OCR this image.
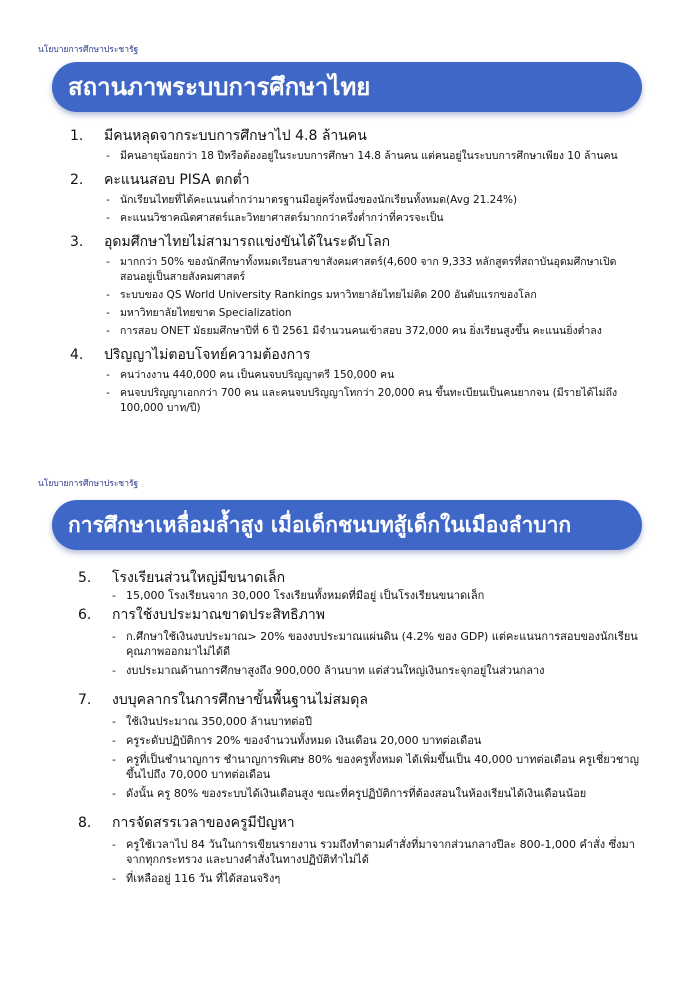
นโยบายการศึกษาประชารัฐ
สถานภาพระบบการศึกษาไทย
1. มีคนหลุดจากระบบการศึกษาไป 4.8 ล้านคน
- มีคนอายุน้อยกว่า 18 ปีหรือต้องอยู่ในระบบการศึกษา 14.8 ล้านคน แต่คนอยู่ในระบบการศึกษาเพียง 10 ล้านคน
2. คะแนนสอบ PISA ตกต่ำ
- นักเรียนไทยที่ได้คะแนนต่ำกว่ามาตรฐานมีอยู่ครึ่งหนึ่งของนักเรียนทั้งหมด(Avg 21.24%)
- คะแนนวิชาคณิตศาสตร์และวิทยาศาสตร์มากกว่าครึ่งต่ำกว่าที่ควรจะเป็น
3. อุดมศึกษาไทยไม่สามารถแข่งขันได้ในระดับโลก
- มากกว่า 50% ของนักศึกษาทั้งหมดเรียนสาขาสังคมศาสตร์(4,600 จาก 9,333 หลักสูตรที่สถาบันอุดมศึกษาเปิดสอนอยู่เป็นสายสังคมศาสตร์
- ระบบของ QS World University Rankings มหาวิทยาลัยไทยไม่ติด 200 อันดับแรกของโลก
- มหาวิทยาลัยไทยขาด Specialization
- การสอบ ONET มัธยมศึกษาปีที่ 6 ปี 2561 มีจำนวนคนเข้าสอบ 372,000 คน ยิ่งเรียนสูงขึ้น คะแนนยิ่งต่ำลง
4. ปริญญาไม่ตอบโจทย์ความต้องการ
- คนว่างงาน 440,000 คน เป็นคนจบปริญญาตรี 150,000 คน
- คนจบปริญญาเอกกว่า 700 คน และคนจบปริญญาโทกว่า 20,000 คน ขึ้นทะเบียนเป็นคนยากจน (มีรายได้ไม่ถึง 100,000 บาท/ปี)
นโยบายการศึกษาประชารัฐ
การศึกษาเหลื่อมล้ำสูง เมื่อเด็กชนบทสู้เด็กในเมืองลำบาก
5. โรงเรียนส่วนใหญ่มีขนาดเล็ก
- 15,000 โรงเรียนจาก 30,000 โรงเรียนทั้งหมดที่มีอยู่ เป็นโรงเรียนขนาดเล็ก
6. การใช้งบประมาณขาดประสิทธิภาพ
- ก.ศึกษาใช้เงินงบประมาณ> 20% ของงบประมาณแผ่นดิน (4.2% ของ GDP) แต่คะแนนการสอบของนักเรียนคุณภาพออกมาไม่ได้ดี
- งบประมาณด้านการศึกษาสูงถึง 900,000 ล้านบาท แต่ส่วนใหญ่เงินกระจุกอยู่ในส่วนกลาง
7. งบบุคลากรในการศึกษาขั้นพื้นฐานไม่สมดุล
- ใช้เงินประมาณ 350,000 ล้านบาทต่อปี
- ครูระดับปฏิบัติการ 20% ของจำนวนทั้งหมด เงินเดือน 20,000 บาทต่อเดือน
- ครูที่เป็นชำนาญการ ชำนาญการพิเศษ 80% ของครูทั้งหมด ได้เพิ่มขึ้นเป็น 40,000 บาทต่อเดือน ครูเชี่ยวชาญขึ้นไปถึง 70,000 บาทต่อเดือน
- ดังนั้น ครู 80% ของระบบได้เงินเดือนสูง ขณะที่ครูปฏิบัติการที่ต้องสอนในห้องเรียนได้เงินเดือนน้อย
8. การจัดสรรเวลาของครูมีปัญหา
- ครูใช้เวลาไป 84 วันในการเขียนรายงาน รวมถึงทำตามคำสั่งที่มาจากส่วนกลางปีละ 800-1,000 คำสั่ง ซึ่งมาจากทุกกระทรวง และบางคำสั่งในทางปฏิบัติทำไม่ได้
- ที่เหลืออยู่ 116 วัน ที่ได้สอนจริงๆ
